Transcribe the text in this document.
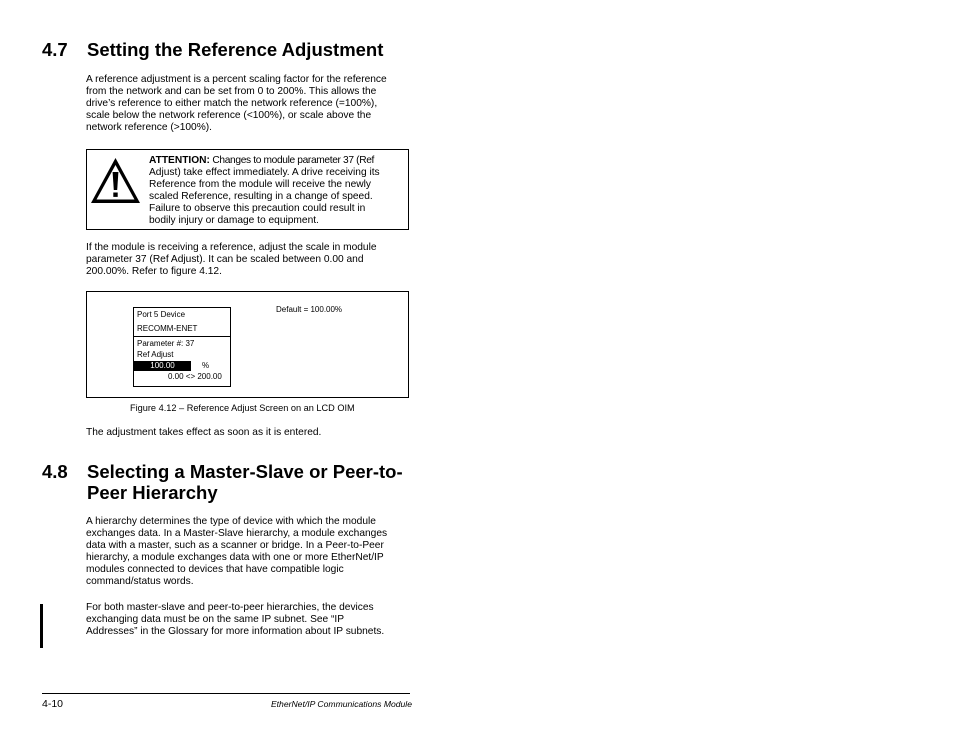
4.7 Setting the Reference Adjustment
A reference adjustment is a percent scaling factor for the reference
from the network and can be set from 0 to 200%. This allows the
drive’s reference to either match the network reference (=100%),
scale below the network reference (<100%), or scale above the
network reference (>100%).
ATTENTION: Changes to module parameter 37 (Ref
Adjust) take effect immediately. A drive receiving its
Reference from the module will receive the newly
scaled Reference, resulting in a change of speed.
Failure to observe this precaution could result in
bodily injury or damage to equipment.
If the module is receiving a reference, adjust the scale in module
parameter 37 (Ref Adjust). It can be scaled between 0.00 and
200.00%. Refer to figure 4.12.
Default = 100.00%
Port 5 Device
RECOMM-ENET
Parameter #: 37
Ref Adjust
100.00	%
0.00 <> 200.00
Figure 4.12 – Reference Adjust Screen on an LCD OIM
The adjustment takes effect as soon as it is entered.
4.8 Selecting a Master-Slave or Peer-to-
Peer Hierarchy
A hierarchy determines the type of device with which the module
exchanges data. In a Master-Slave hierarchy, a module exchanges
data with a master, such as a scanner or bridge. In a Peer-to-Peer
hierarchy, a module exchanges data with one or more EtherNet/IP
modules connected to devices that have compatible logic
command/status words.
For both master-slave and peer-to-peer hierarchies, the devices
exchanging data must be on the same IP subnet. See “IP
Addresses” in the Glossary for more information about IP subnets.
4-10	EtherNet/IP Communications Module
